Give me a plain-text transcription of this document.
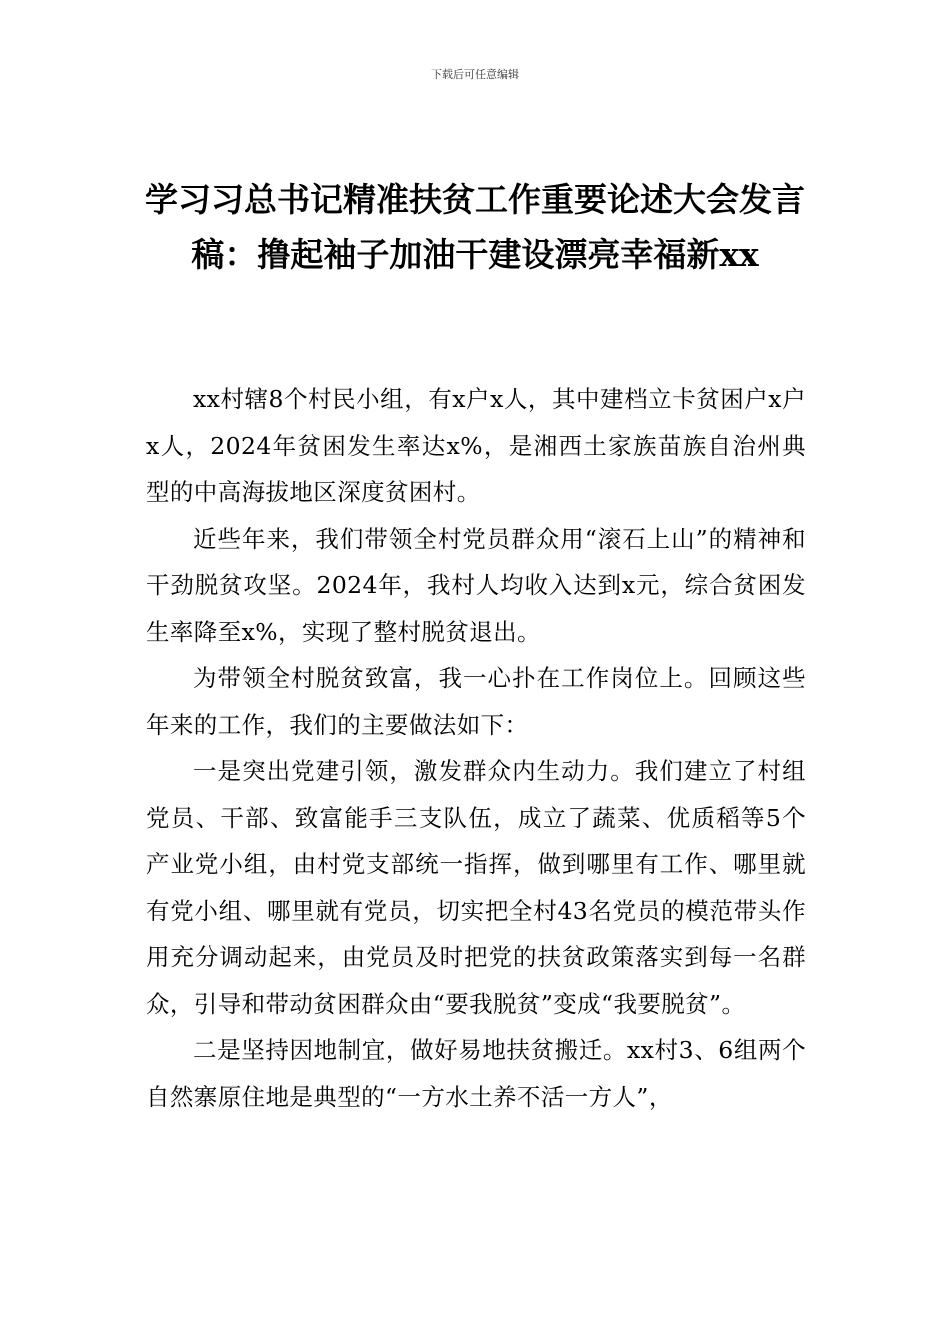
下载后可任意编辑
学习习总书记精准扶贫工作重要论述大会发言稿：撸起袖子加油干建设漂亮幸福新xx

xx村辖8个村民小组，有x户x人，其中建档立卡贫困户x户x人，2024年贫困发生率达x%，是湘西土家族苗族自治州典型的中高海拔地区深度贫困村。

近些年来，我们带领全村党员群众用“滚石上山”的精神和干劲脱贫攻坚。2024年，我村人均收入达到x元，综合贫困发生率降至x%，实现了整村脱贫退出。

为带领全村脱贫致富，我一心扑在工作岗位上。回顾这些年来的工作，我们的主要做法如下：

一是突出党建引领，激发群众内生动力。我们建立了村组党员、干部、致富能手三支队伍，成立了蔬菜、优质稻等5个产业党小组，由村党支部统一指挥，做到哪里有工作、哪里就有党小组、哪里就有党员，切实把全村43名党员的模范带头作用充分调动起来，由党员及时把党的扶贫政策落实到每一名群众，引导和带动贫困群众由“要我脱贫”变成“我要脱贫”。

二是坚持因地制宜，做好易地扶贫搬迁。xx村3、6组两个自然寨原住地是典型的“一方水土养不活一方人”，
